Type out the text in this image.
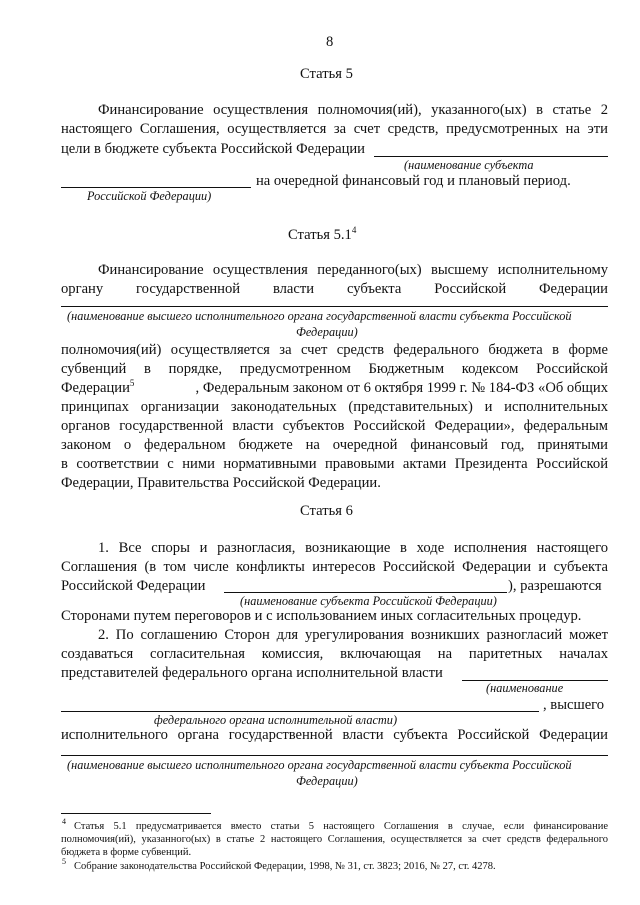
8
Статья 5
Финансирование осуществления полномочия(ий), указанного(ых) в статье 2
настоящего Соглашения, осуществляется за счет средств, предусмотренных на эти
цели в бюджете субъекта Российской Федерации
(наименование субъекта
на очередной финансовый год и плановый период.
Российской Федерации)
Статья $5.1^4$
Финансирование осуществления переданного(ых) высшему исполнительному
органу государственной власти субъекта Российской Федерации
(наименование высшего исполнительного органа государственной власти субъекта Российской
Федерации)
полномочия(ий) осуществляется за счет средств федерального бюджета в форме
субвенций в порядке, предусмотренном Бюджетным кодексом Российской
Федерации$^5$	, Федеральным законом от 6 октября 1999 г. № 184-ФЗ «Об общих
принципах организации законодательных (представительных) и исполнительных
органов государственной власти субъектов Российской Федерации», федеральным
законом о федеральном бюджете на очередной финансовый год, принятыми
в соответствии с ними нормативными правовыми актами Президента Российской
Федерации, Правительства Российской Федерации.
Статья 6
1. Все споры и разногласия, возникающие в ходе исполнения настоящего
Соглашения (в том числе конфликты интересов Российской Федерации и субъекта
Российской Федерации	), разрешаются
(наименование субъекта Российской Федерации)
Сторонами путем переговоров и с использованием иных согласительных процедур.
2. По соглашению Сторон для урегулирования возникших разногласий может
создаваться согласительная комиссия, включающая на паритетных началах
представителей федерального органа исполнительной власти
(наименование
, высшего
федерального органа исполнительной власти)
исполнительного органа государственной власти субъекта Российской Федерации
(наименование высшего исполнительного органа государственной власти субъекта Российской
Федерации)
4 Статья 5.1 предусматривается вместо статьи 5 настоящего Соглашения в случае, если финансирование
полномочия(ий), указанного(ых) в статье 2 настоящего Соглашения, осуществляется за счет средств федерального
бюджета в форме субвенций.
5 Собрание законодательства Российской Федерации, 1998, № 31, ст. 3823; 2016, № 27, ст. 4278.
